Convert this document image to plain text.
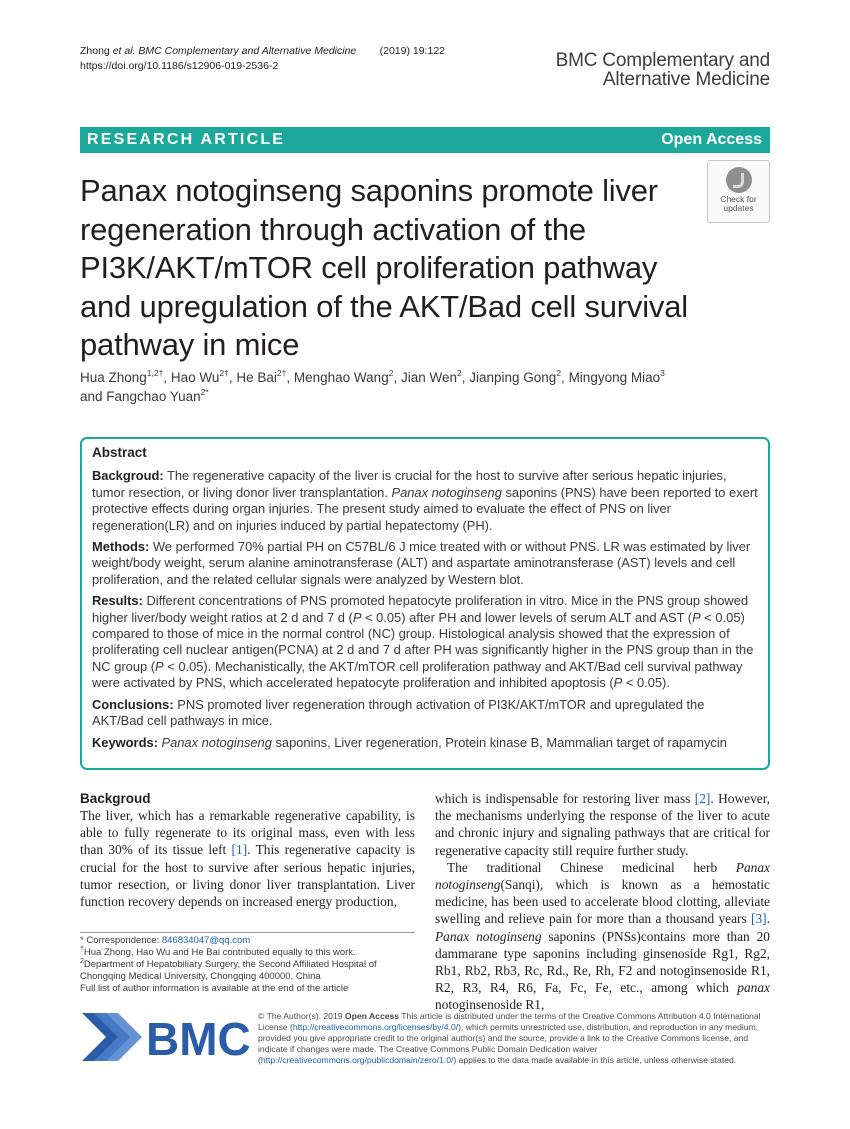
Zhong et al. BMC Complementary and Alternative Medicine (2019) 19:122
https://doi.org/10.1186/s12906-019-2536-2	BMC Complementary and
Alternative Medicine
RESEARCH ARTICLE	Open Access
Panax notoginseng saponins promote liver regeneration through activation of the PI3K/AKT/mTOR cell proliferation pathway and upregulation of the AKT/Bad cell survival pathway in mice
Check for
updates
Hua Zhong$^{1,2\dagger}$, Hao $Wu^{2\dagger}$, He Bai$^{2\dagger}$, Menghao Wang$^2$, Jian Wen$^2$, Jianping Gong$^2$, Mingyong Miao$^3$
and Fangchao Yuan$^{2*}$
Abstract

Backgroud: The regenerative capacity of the liver is crucial for the host to survive after serious hepatic injuries, tumor resection, or living donor liver transplantation. Panax notoginseng saponins (PNS) have been reported to exert protective effects during organ injuries. The present study aimed to evaluate the effect of PNS on liver regeneration(LR) and on injuries induced by partial hepatectomy (PH).

Methods: We performed 70% partial PH on C57BL/6 J mice treated with or without PNS. LR was estimated by liver weight/body weight, serum alanine aminotransferase (ALT) and aspartate aminotransferase (AST) levels and cell proliferation, and the related cellular signals were analyzed by Western blot.

Results: Different concentrations of PNS promoted hepatocyte proliferation in vitro. Mice in the PNS group showed higher liver/body weight ratios at 2 d and 7 d (P < 0.05) after PH and lower levels of serum ALT and AST (P < 0.05) compared to those of mice in the normal control (NC) group. Histological analysis showed that the expression of proliferating cell nuclear antigen(PCNA) at 2 d and 7 d after PH was significantly higher in the PNS group than in the NC group (P < 0.05). Mechanistically, the AKT/mTOR cell proliferation pathway and AKT/Bad cell survival pathway were activated by PNS, which accelerated hepatocyte proliferation and inhibited apoptosis (P < 0.05).

Conclusions: PNS promoted liver regeneration through activation of PI3K/AKT/mTOR and upregulated the AKT/Bad cell pathways in mice.

Keywords: Panax notoginseng saponins, Liver regeneration, Protein kinase B, Mammalian target of rapamycin

Backgroud
The liver, which has a remarkable regenerative capability, is able to fully regenerate to its original mass, even with less than 30% of its tissue left [1]. This regenerative capacity is crucial for the host to survive after serious hepatic injuries, tumor resection, or living donor liver transplantation. Liver function recovery depends on increased energy production,

which is indispensable for restoring liver mass [2]. However, the mechanisms underlying the response of the liver to acute and chronic injury and signaling pathways that are critical for regenerative capacity still require further study.

The traditional Chinese medicinal herb Panax notoginseng(Sanqi), which is known as a hemostatic medicine, has been used to accelerate blood clotting, alleviate swelling and relieve pain for more than a thousand years [3]. Panax notoginseng saponins (PNSs)contains more than 20 dammarane type saponins including ginsenoside Rg1, Rg2, Rb1, Rb2, Rb3, Rc, Rd., Re, Rh, F2 and notoginsenoside R1, R2, R3, R4, R6, Fa, Fc, Fe, etc., among which panax notoginsenoside R1,

* Correspondence: 846834047@qq.com
†Hua Zhong, Hao Wu and He Bai contributed equally to this work.
$^2$Department of Hepatobiliary Surgery, the Second Affiliated Hospital of Chongqing Medical University, Chongqing 400000, China
Full list of author information is available at the end of the article
BMC © The Author(s). 2019 Open Access This article is distributed under the terms of the Creative Commons Attribution 4.0 International License (http://creativecommons.org/licenses/by/4.0/), which permits unrestricted use, distribution, and reproduction in any medium, provided you give appropriate credit to the original author(s) and the source, provide a link to the Creative Commons license, and indicate if changes were made. The Creative Commons Public Domain Dedication waiver (http://creativecommons.org/publicdomain/zero/1.0/) applies to the data made available in this article, unless otherwise stated.
